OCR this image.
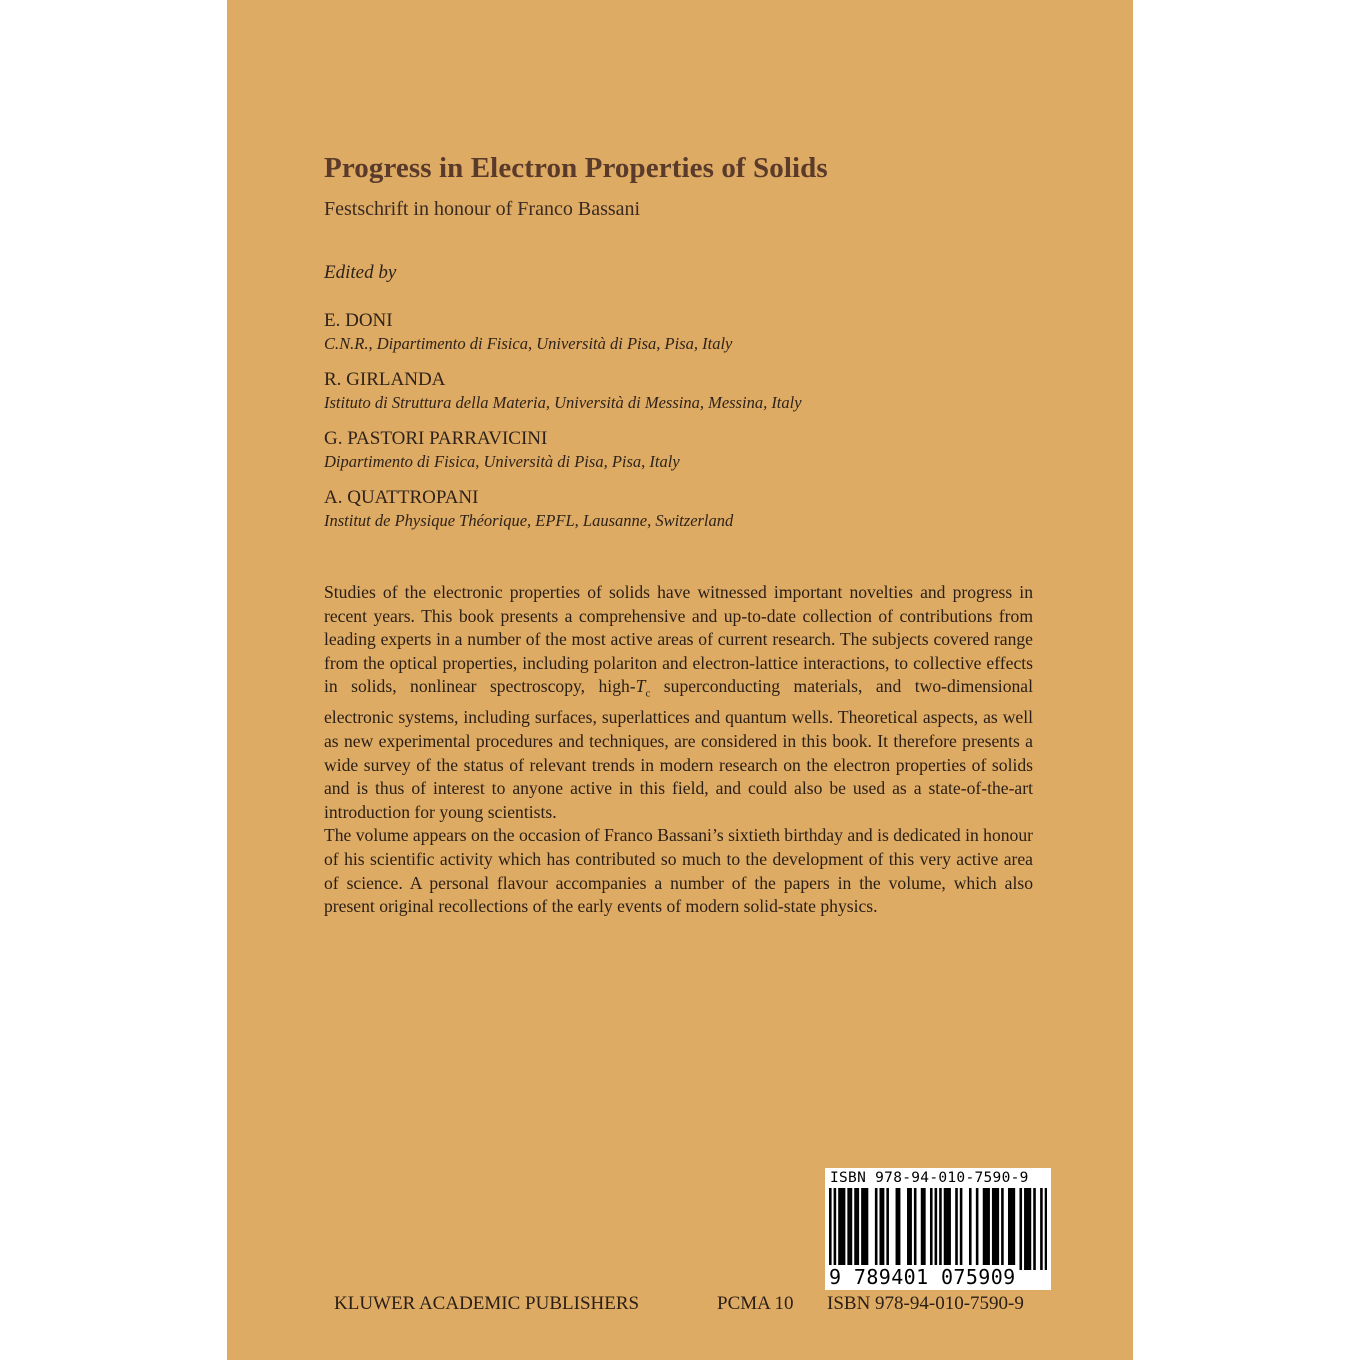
Progress in Electron Properties of Solids
Festschrift in honour of Franco Bassani
Edited by
E. DONI
C.N.R., Dipartimento di Fisica, Università di Pisa, Pisa, Italy
R. GIRLANDA
Istituto di Struttura della Materia, Università di Messina, Messina, Italy
G. PASTORI PARRAVICINI
Dipartimento di Fisica, Università di Pisa, Pisa, Italy
A. QUATTROPANI
Institut de Physique Théorique, EPFL, Lausanne, Switzerland

Studies of the electronic properties of solids have witnessed important novelties and progress in recent years. This book presents a comprehensive and up-to-date collection of contributions from leading experts in a number of the most active areas of current research. The subjects covered range from the optical properties, including polariton and electron-lattice interactions, to collective effects in solids, nonlinear spectroscopy, high-$T_c$ superconducting materials, and two-dimensional electronic systems, including surfaces, superlattices and quantum wells. Theoretical aspects, as well as new experimental procedures and techniques, are considered in this book. It therefore presents a wide survey of the status of relevant trends in modern research on the electron properties of solids and is thus of interest to anyone active in this field, and could also be used as a state-of-the-art introduction for young scientists.

The volume appears on the occasion of Franco Bassani’s sixtieth birthday and is dedicated in honour of his scientific activity which has contributed so much to the development of this very active area of science. A personal flavour accompanies a number of the papers in the volume, which also present original recollections of the early events of modern solid-state physics.

ISBN 978-94-010-7590-9
9 789401 075909
KLUWER ACADEMIC PUBLISHERS	PCMA 10 ISBN 978-94-010-7590-9
